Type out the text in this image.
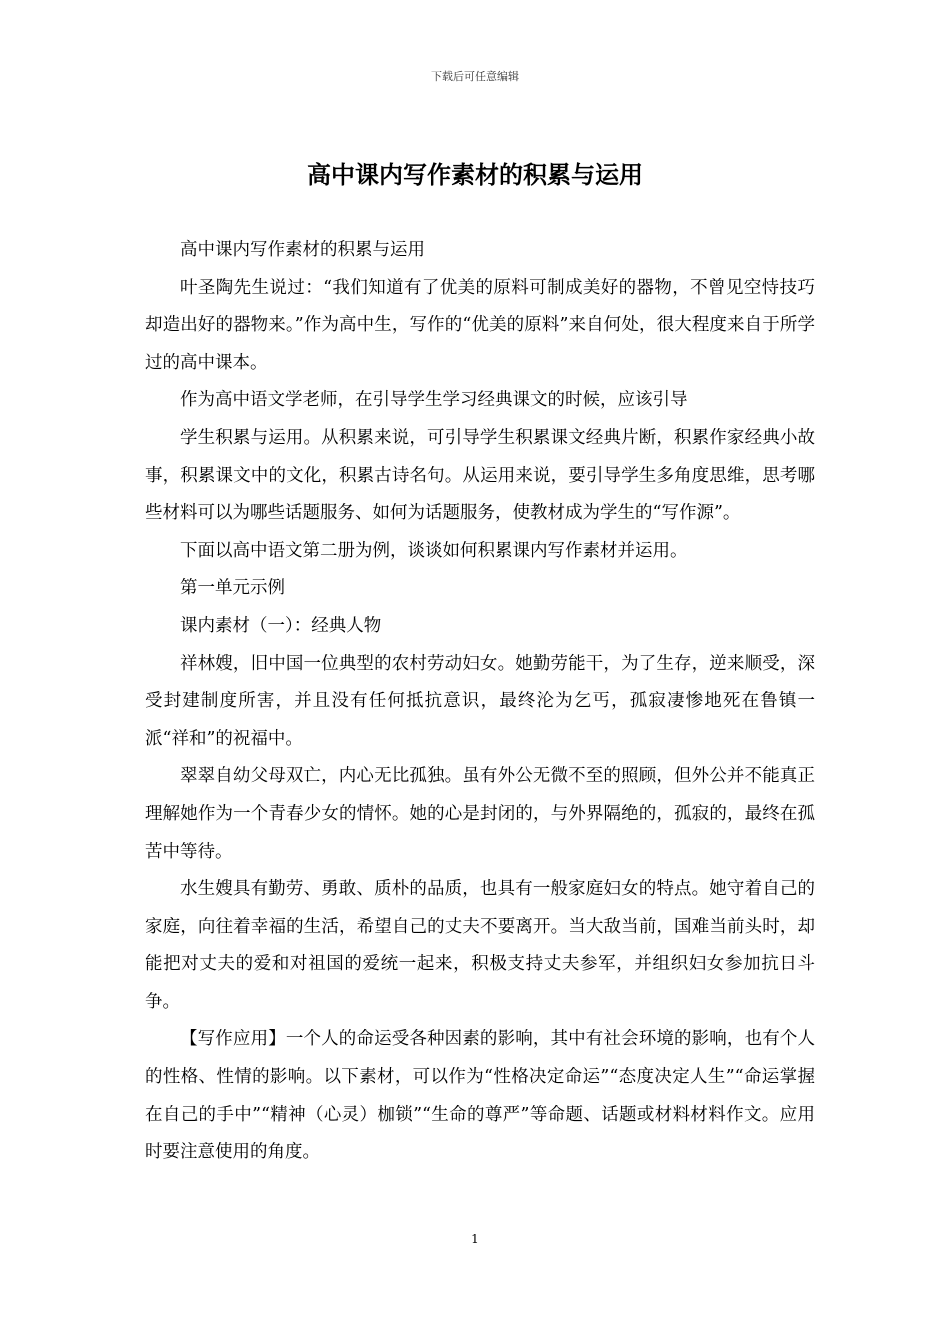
下载后可任意编辑
高中课内写作素材的积累与运用

高中课内写作素材的积累与运用

叶圣陶先生说过：“我们知道有了优美的原料可制成美好的器物，不曾见空恃技巧却造出好的器物来。”作为高中生，写作的“优美的原料”来自何处，很大程度来自于所学过的高中课本。

作为高中语文学老师，在引导学生学习经典课文的时候，应该引导

学生积累与运用。从积累来说，可引导学生积累课文经典片断，积累作家经典小故事，积累课文中的文化，积累古诗名句。从运用来说，要引导学生多角度思维，思考哪些材料可以为哪些话题服务、如何为话题服务，使教材成为学生的“写作源”。

下面以高中语文第二册为例，谈谈如何积累课内写作素材并运用。

第一单元示例

课内素材（一）：经典人物

祥林嫂，旧中国一位典型的农村劳动妇女。她勤劳能干，为了生存，逆来顺受，深受封建制度所害，并且没有任何抵抗意识，最终沦为乞丐，孤寂凄惨地死在鲁镇一派“祥和”的祝福中。

翠翠自幼父母双亡，内心无比孤独。虽有外公无微不至的照顾，但外公并不能真正理解她作为一个青春少女的情怀。她的心是封闭的，与外界隔绝的，孤寂的，最终在孤苦中等待。

水生嫂具有勤劳、勇敢、质朴的品质，也具有一般家庭妇女的特点。她守着自己的家庭，向往着幸福的生活，希望自己的丈夫不要离开。当大敌当前，国难当前头时，却能把对丈夫的爱和对祖国的爱统一起来，积极支持丈夫参军，并组织妇女参加抗日斗争。

【写作应用】一个人的命运受各种因素的影响，其中有社会环境的影响，也有个人的性格、性情的影响。以下素材，可以作为“性格决定命运”“态度决定人生”“命运掌握在自己的手中”“精神（心灵）枷锁”“生命的尊严”等命题、话题或材料材料作文。应用时要注意使用的角度。

1
